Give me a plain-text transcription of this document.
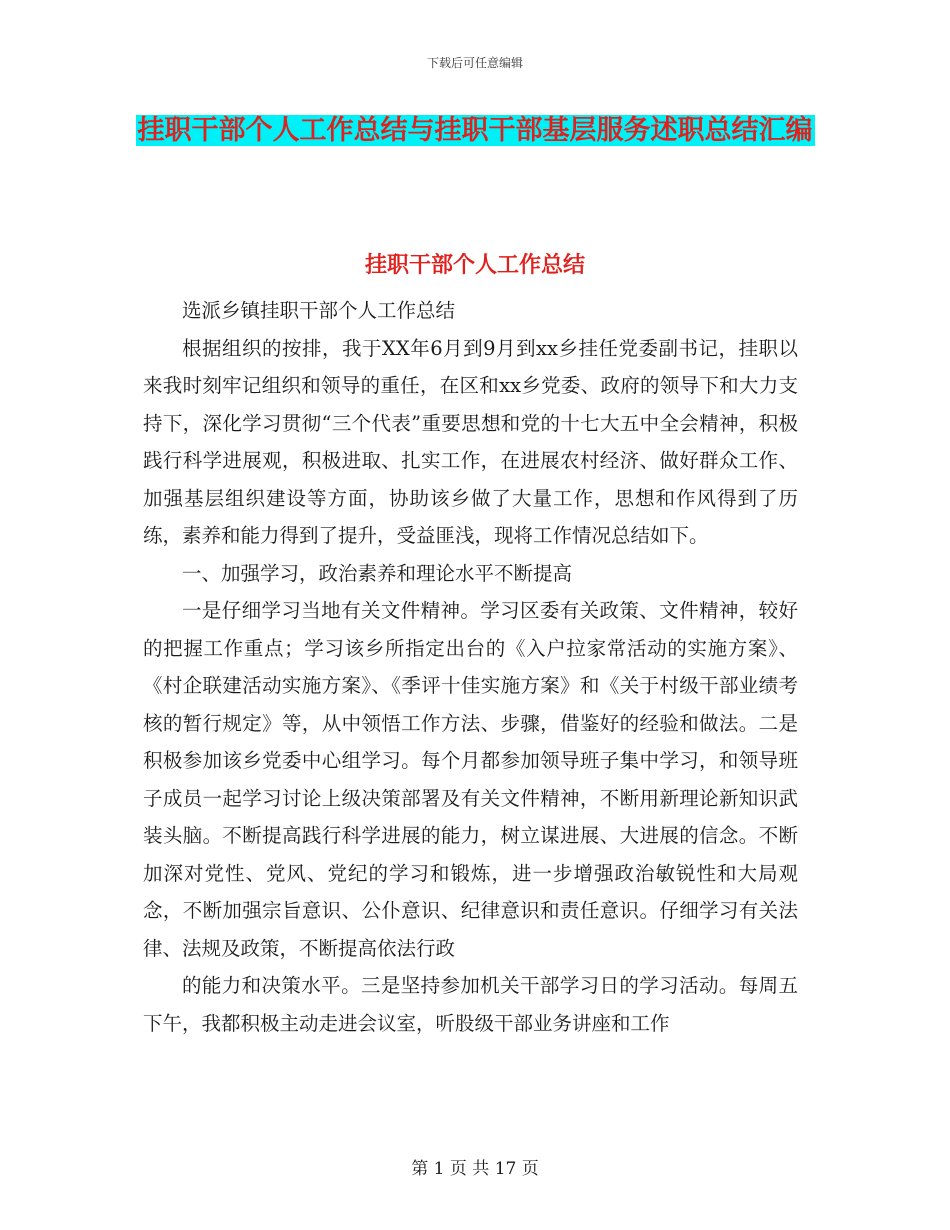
下载后可任意编辑
挂职干部个人工作总结与挂职干部基层服务述职总结汇编
挂职干部个人工作总结

选派乡镇挂职干部个人工作总结

根据组织的按排，我于XX年6月到9月到xx乡挂任党委副书记，挂职以来我时刻牢记组织和领导的重任，在区和xx乡党委、政府的领导下和大力支持下，深化学习贯彻“三个代表”重要思想和党的十七大五中全会精神，积极践行科学进展观，积极进取、扎实工作，在进展农村经济、做好群众工作、加强基层组织建设等方面，协助该乡做了大量工作，思想和作风得到了历练，素养和能力得到了提升，受益匪浅，现将工作情况总结如下。

一、加强学习，政治素养和理论水平不断提高

一是仔细学习当地有关文件精神。学习区委有关政策、文件精神，较好的把握工作重点；学习该乡所指定出台的《入户拉家常活动的实施方案》、《村企联建活动实施方案》、《季评十佳实施方案》和《关于村级干部业绩考核的暂行规定》等，从中领悟工作方法、步骤，借鉴好的经验和做法。二是积极参加该乡党委中心组学习。每个月都参加领导班子集中学习，和领导班子成员一起学习讨论上级决策部署及有关文件精神，不断用新理论新知识武装头脑。不断提高践行科学进展的能力，树立谋进展、大进展的信念。不断加深对党性、党风、党纪的学习和锻炼，进一步增强政治敏锐性和大局观念，不断加强宗旨意识、公仆意识、纪律意识和责任意识。仔细学习有关法律、法规及政策，不断提高依法行政

的能力和决策水平。三是坚持参加机关干部学习日的学习活动。每周五下午，我都积极主动走进会议室，听股级干部业务讲座和工作

第 1 页 共 17 页
